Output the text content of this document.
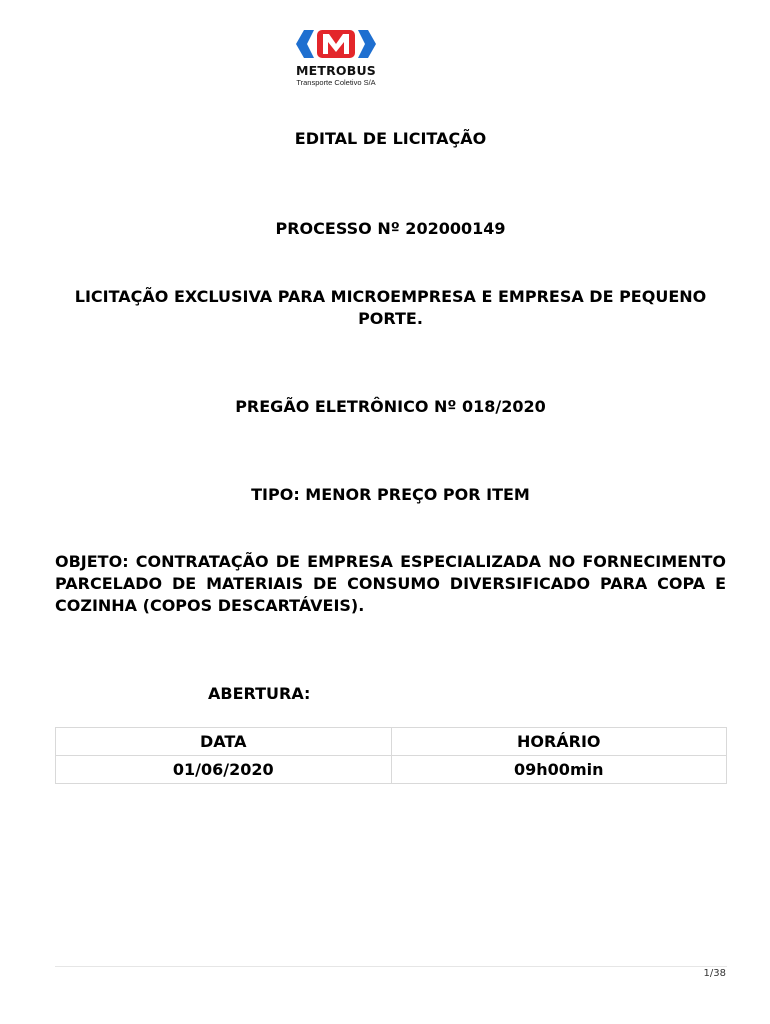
METROBUS
Transporte Coletivo S/A
EDITAL DE LICITAÇÃO
PROCESSO Nº 202000149
LICITAÇÃO EXCLUSIVA PARA MICROEMPRESA E EMPRESA DE PEQUENO PORTE.
PREGÃO ELETRÔNICO Nº 018/2020
TIPO: MENOR PREÇO POR ITEM
OBJETO: CONTRATAÇÃO DE EMPRESA ESPECIALIZADA NO FORNECIMENTO PARCELADO DE MATERIAIS DE CONSUMO DIVERSIFICADO PARA COPA E COZINHA (COPOS DESCARTÁVEIS).
ABERTURA:
DATA	HORÁRIO
01/06/2020	09h00min
1/38
